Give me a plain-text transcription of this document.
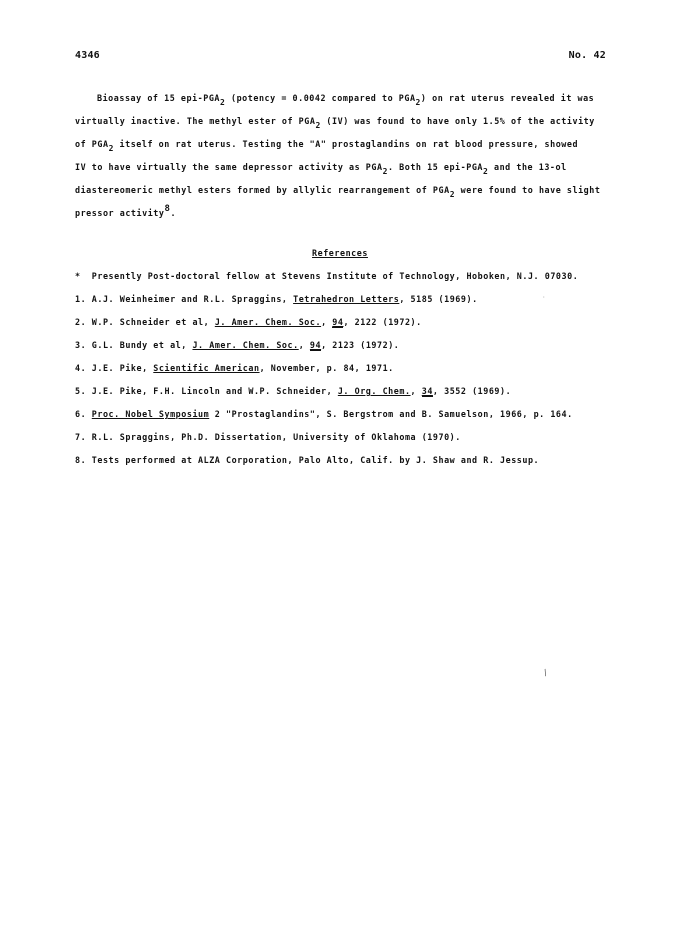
4346	No. 42
Bioassay of 15 epi-PGA2 (potency = 0.0042 compared to PGA2) on rat uterus revealed it was
virtually inactive. The methyl ester of PGA2 (IV) was found to have only 1.5% of the activity
of PGA2 itself on rat uterus. Testing the "A" prostaglandins on rat blood pressure, showed
IV to have virtually the same depressor activity as PGA2. Both 15 epi-PGA2 and the 13-ol
diastereomeric methyl esters formed by allylic rearrangement of PGA2 were found to have slight
pressor activity8.
References
* Presently Post-doctoral fellow at Stevens Institute of Technology, Hoboken, N.J. 07030.
1. A.J. Weinheimer and R.L. Spraggins, Tetrahedron Letters, 5185 (1969).
2. W.P. Schneider et al, J. Amer. Chem. Soc., 94, 2122 (1972).
3. G.L. Bundy et al, J. Amer. Chem. Soc., 94, 2123 (1972).
4. J.E. Pike, Scientific American, November, p. 84, 1971.
5. J.E. Pike, F.H. Lincoln and W.P. Schneider, J. Org. Chem., 34, 3552 (1969).
6. Proc. Nobel Symposium 2 "Prostaglandins", S. Bergstrom and B. Samuelson, 1966, p. 164.
7. R.L. Spraggins, Ph.D. Dissertation, University of Oklahoma (1970).
8. Tests performed at ALZA Corporation, Palo Alto, Calif. by J. Shaw and R. Jessup.
·
/
